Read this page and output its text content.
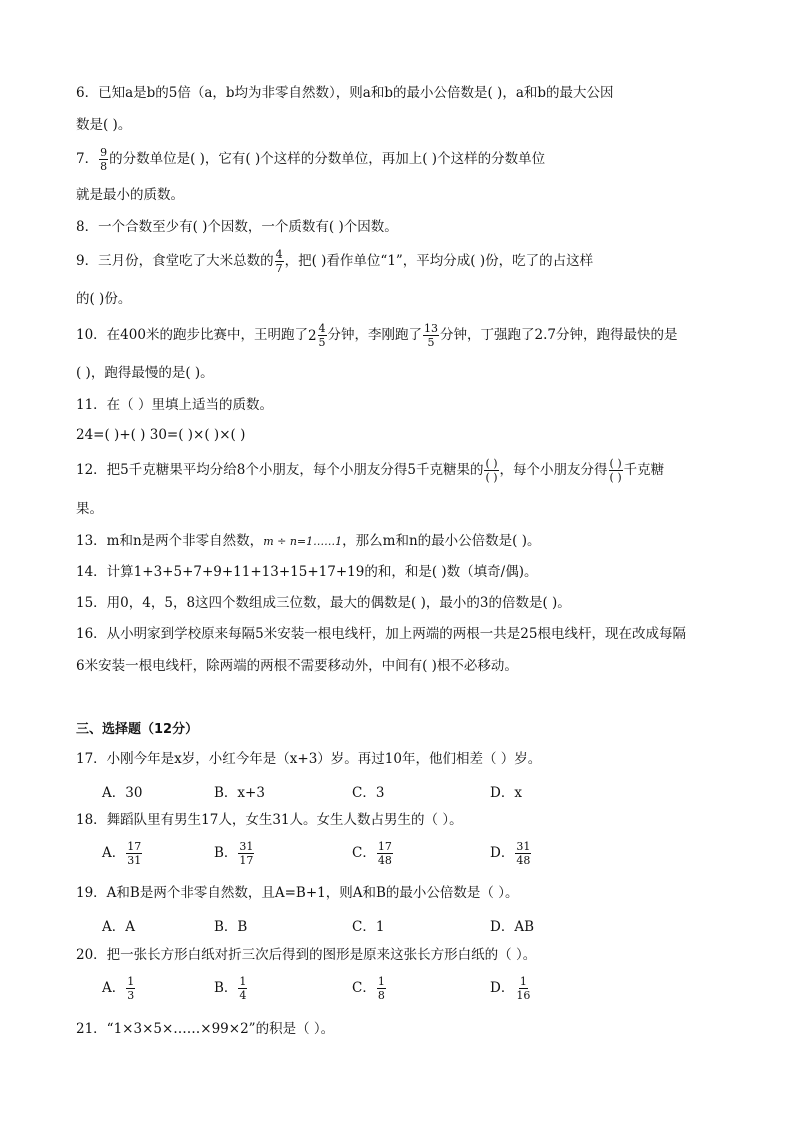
6．已知a是b的5倍（a，b均为非零自然数），则a和b的最小公倍数是( )，a和b的最大公因
数是( )。
7． $\frac{9}{8}$ 的分数单位是( )，它有( )个这样的分数单位，再加上( )个这样的分数单位
就是最小的质数。
8．一个合数至少有( )个因数，一个质数有( )个因数。
9．三月份，食堂吃了大米总数的 $\frac{4}{7}$ ，把( )看作单位“1”，平均分成( )份，吃了的占这样
的( )份。
10．在400米的跑步比赛中，王明跑了 $2 \frac{4}{5}$ 分钟，李刚跑了 $\frac{13}{5}$ 分钟，丁强跑了2.7分钟，跑得最快的是
( )，跑得最慢的是( )。
11．在（ ）里填上适当的质数。
24=( )+( ) 30=( )×( )×( )
12．把5千克糖果平均分给8个小朋友，每个小朋友分得5千克糖果的 $\frac{( )}{( )}$ ，每个小朋友分得 $\frac{( )}{( )}$ 千克糖
果。
13．m和n是两个非零自然数，m ÷ n=1……1，那么m和n的最小公倍数是( )。
14．计算1+3+5+7+9+11+13+15+17+19的和，和是( )数（填奇/偶)。
15．用0，4，5，8这四个数组成三位数，最大的偶数是( )，最小的3的倍数是( )。
16．从小明家到学校原来每隔5米安装一根电线杆，加上两端的两根一共是25根电线杆，现在改成每隔
6米安装一根电线杆，除两端的两根不需要移动外，中间有( )根不必移动。
三、选择题（12分）
17．小刚今年是x岁，小红今年是（x+3）岁。再过10年，他们相差（ ）岁。
A．30	B．x+3	C．3	D．x
18．舞蹈队里有男生17人，女生31人。女生人数占男生的（ ）。
A． $\frac{17}{31}$	B． $\frac{31}{17}$	C． $\frac{17}{48}$	D． $\frac{31}{48}$
19．A和B是两个非零自然数，且A=B+1，则A和B的最小公倍数是（ ）。
A．A	B．B	C．1	D．AB
20．把一张长方形白纸对折三次后得到的图形是原来这张长方形白纸的（ ）。
A． $\frac{1}{3}$	B． $\frac{1}{4}$	C． $\frac{1}{8}$	D． $\frac{1}{16}$
21．“1×3×5×……×99×2”的积是（ ）。
